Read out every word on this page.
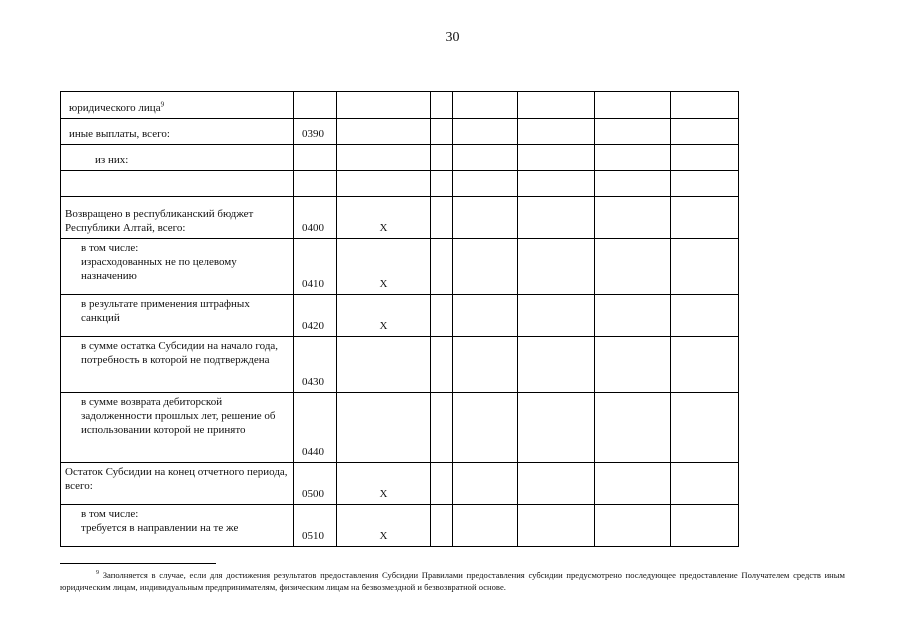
30
юридического лица$^9$

иные выплаты, всего:	0390						

из них:							

Возвращено в республиканский бюджет Республики Алтай, всего:	0400	X					

в том числе:
израсходованных не по целевому назначению	0410	X					

в результате применения штрафных санкций	0420	X					

в сумме остатка Субсидии на начало года, потребность в которой не подтверждена	0430						

в сумме возврата дебиторской задолженности прошлых лет, решение об использовании которой не принято	0440						

Остаток Субсидии на конец отчетного периода, всего:	0500	X					

в том числе:
требуется в направлении на те же	0510	X					
$^9$ Заполняется в случае, если для достижения результатов предоставления Субсидии Правилами предоставления субсидии предусмотрено последующее предоставление Получателем средств иным юридическим лицам, индивидуальным предпринимателям, физическим лицам на безвозмездной и безвозвратной основе.
